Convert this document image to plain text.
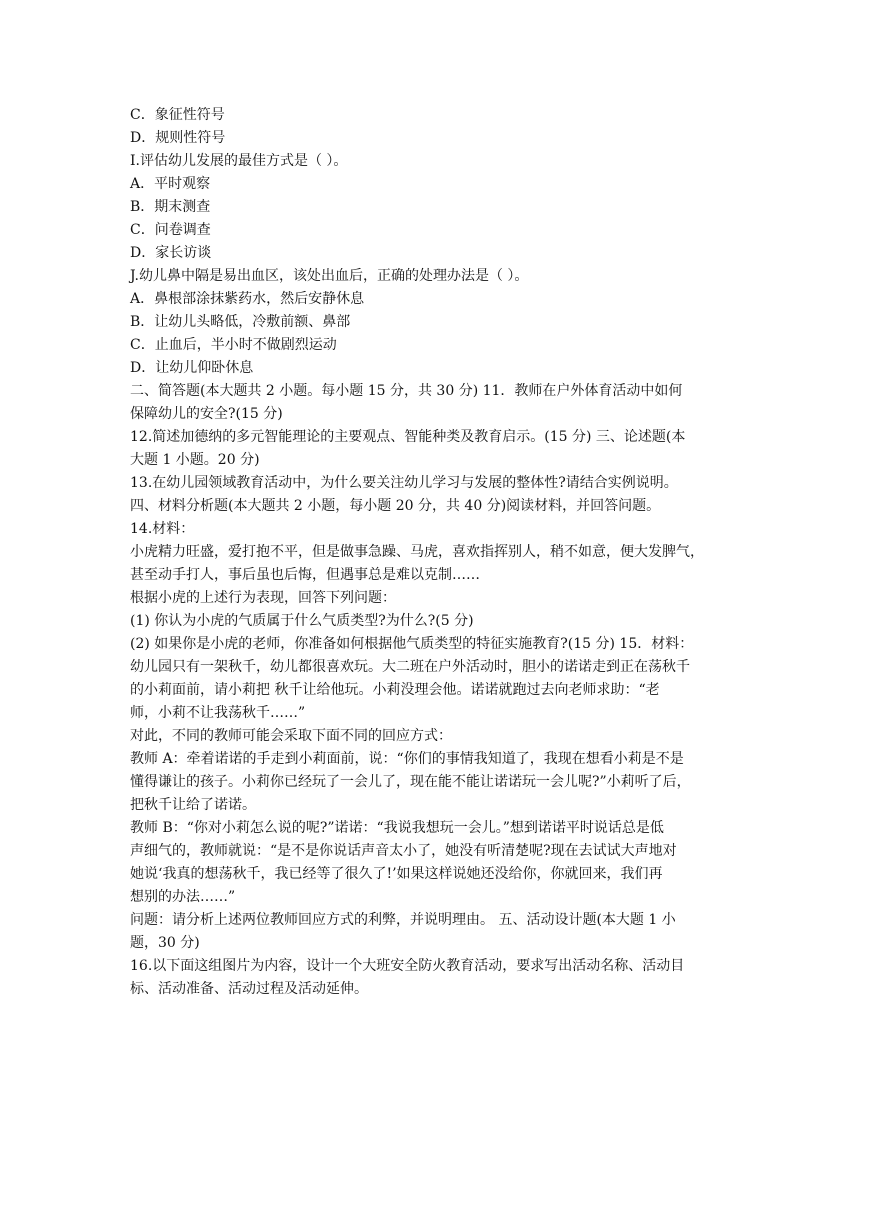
C．象征性符号
D．规则性符号
I.评估幼儿发展的最佳方式是（ ）。
A．平时观察
B．期末测查
C．问卷调查
D．家长访谈
J.幼儿鼻中隔是易出血区，该处出血后，正确的处理办法是（ ）。
A．鼻根部涂抹紫药水，然后安静休息
B．让幼儿头略低，冷敷前额、鼻部
C．止血后，半小时不做剧烈运动
D．让幼儿仰卧休息
二、简答题(本大题共 2 小题。每小题 15 分，共 30 分) 11．教师在户外体育活动中如何
保障幼儿的安全?(15 分)
12.简述加德纳的多元智能理论的主要观点、智能种类及教育启示。(15 分) 三、论述题(本
大题 1 小题。20 分)
13.在幼儿园领域教育活动中，为什么要关注幼儿学习与发展的整体性?请结合实例说明。
四、材料分析题(本大题共 2 小题，每小题 20 分，共 40 分)阅读材料，并回答问题。
14.材料：
小虎精力旺盛，爱打抱不平，但是做事急躁、马虎，喜欢指挥别人，稍不如意，便大发脾气，
甚至动手打人，事后虽也后悔，但遇事总是难以克制……
根据小虎的上述行为表现，回答下列问题：
(1) 你认为小虎的气质属于什么气质类型?为什么?(5 分)
(2) 如果你是小虎的老师，你准备如何根据他气质类型的特征实施教育?(15 分) 15．材料：
幼儿园只有一架秋千，幼儿都很喜欢玩。大二班在户外活动时，胆小的诺诺走到正在荡秋千
的小莉面前，请小莉把 秋千让给他玩。小莉没理会他。诺诺就跑过去向老师求助：“老
师，小莉不让我荡秋千……”
对此，不同的教师可能会采取下面不同的回应方式：
教师 A：牵着诺诺的手走到小莉面前，说：“你们的事情我知道了，我现在想看小莉是不是
懂得谦让的孩子。小莉你已经玩了一会儿了，现在能不能让诺诺玩一会儿呢?”小莉听了后，
把秋千让给了诺诺。
教师 B：“你对小莉怎么说的呢?”诺诺：“我说我想玩一会儿。”想到诺诺平时说话总是低
声细气的，教师就说：“是不是你说话声音太小了，她没有听清楚呢?现在去试试大声地对
她说‘我真的想荡秋千，我已经等了很久了!’如果这样说她还没给你，你就回来，我们再
想别的办法……”
问题：请分析上述两位教师回应方式的利弊，并说明理由。 五、活动设计题(本大题 1 小
题，30 分)
16.以下面这组图片为内容，设计一个大班安全防火教育活动，要求写出活动名称、活动目
标、活动准备、活动过程及活动延伸。
